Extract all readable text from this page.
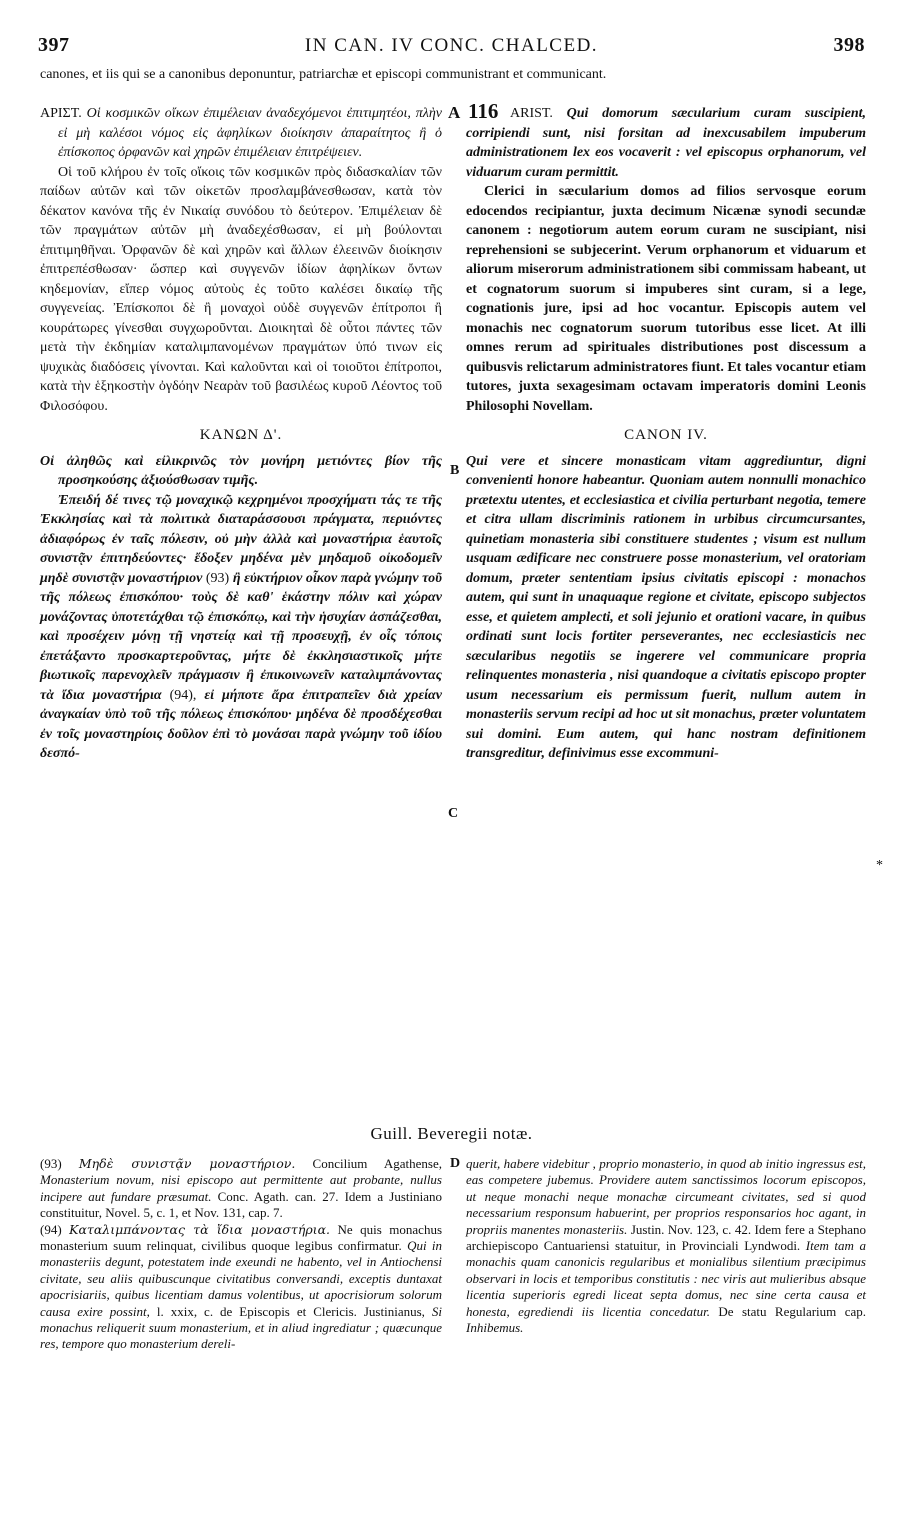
397	IN CAN. IV CONC. CHALCED.	398
canones, et iis qui se a canonibus deponuntur, patriarchæ et episcopi communistrant et communicant.
A 116
B
C
D
*

ΑΡΙΣΤ. Οἱ κοσμικῶν οἴκων ἐπιμέλειαν ἀναδεχόμενοι ἐπιτιμητέοι, πλὴν εἰ μὴ καλέσοι νόμος εἰς ἀφηλίκων διοίκησιν ἀπαραίτητος ἢ ὁ ἐπίσκοπος ὀρφανῶν καὶ χηρῶν ἐπιμέλειαν ἐπιτρέψειεν.

Οἱ τοῦ κλήρου ἐν τοῖς οἴκοις τῶν κοσμικῶν πρὸς διδασκαλίαν τῶν παίδων αὐτῶν καὶ τῶν οἰκετῶν προσλαμβάνεσθωσαν, κατὰ τὸν δέκατον κανόνα τῆς ἐν Νικαίᾳ συνόδου τὸ δεύτερον. Ἐπιμέλειαν δὲ τῶν πραγμάτων αὐτῶν μὴ ἀναδεχέσθωσαν, εἰ μὴ βούλονται ἐπιτιμηθῆναι. Ὀρφανῶν δὲ καὶ χηρῶν καὶ ἄλλων ἐλεεινῶν διοίκησιν ἐπιτρεπέσθωσαν· ὥσπερ καὶ συγγενῶν ἰδίων ἀφηλίκων ὄντων κηδεμονίαν, εἴπερ νόμος αὐτοὺς ἐς τοῦτο καλέσει δικαίῳ τῆς συγγενείας. Ἐπίσκοποι δὲ ἢ μοναχοὶ οὐδὲ συγγενῶν ἐπίτροποι ἢ κουράτωρες γίνεσθαι συγχωροῦνται. Διοικηταὶ δὲ οὗτοι πάντες τῶν μετὰ τὴν ἐκδημίαν καταλιμπανομένων πραγμάτων ὑπό τινων εἰς ψυχικὰς διαδόσεις γίνονται. Καὶ καλοῦνται καὶ οἱ τοιοῦτοι ἐπίτροποι, κατὰ τὴν ἑξηκοστὴν ὀγδόην Νεαρὰν τοῦ βασιλέως κυροῦ Λέοντος τοῦ Φιλοσόφου.

ΚΑΝΩΝ Δ'.

Οἱ ἀληθῶς καὶ εἰλικρινῶς τὸν μονήρη μετιόντες βίον τῆς προσηκούσης ἀξιούσθωσαν τιμῆς.

Ἐπειδή δέ τινες τῷ μοναχικῷ κεχρημένοι προσχήματι τάς τε τῆς Ἐκκλησίας καὶ τὰ πολιτικὰ διαταράσσουσι πράγματα, περιιόντες ἀδιαφόρως ἐν ταῖς πόλεσιν, οὐ μὴν ἀλλὰ καὶ μοναστήρια ἑαυτοῖς συνιστᾷν ἐπιτηδεύοντες· ἔδοξεν μηδένα μὲν μηδαμοῦ οἰκοδομεῖν μηδὲ συνιστᾷν μοναστήριον (93) ἢ εὐκτήριον οἶκον παρὰ γνώμην τοῦ τῆς πόλεως ἐπισκόπου· τοὺς δὲ καθ' ἑκάστην πόλιν καὶ χώραν μονάζοντας ὑποτετάχθαι τῷ ἐπισκόπῳ, καὶ τὴν ἡσυχίαν ἀσπάζεσθαι, καὶ προσέχειν μόνῃ τῇ νηστείᾳ καὶ τῇ προσευχῇ, ἐν οἷς τόποις ἐπετάξαντο προσκαρτεροῦντας, μήτε δὲ ἐκκλησιαστικοῖς μήτε βιωτικοῖς παρενοχλεῖν πράγμασιν ἢ ἐπικοινωνεῖν καταλιμπάνοντας τὰ ἴδια μοναστήρια (94), εἰ μήποτε ἄρα ἐπιτραπεῖεν διὰ χρείαν ἀναγκαίαν ὑπὸ τοῦ τῆς πόλεως ἐπισκόπου· μηδένα δὲ προσδέχεσθαι ἐν τοῖς μοναστηρίοις δοῦλον ἐπὶ τὸ μονάσαι παρὰ γνώμην τοῦ ἰδίου δεσπό-

ARIST. Qui domorum sæcularium curam suscipient, corripiendi sunt, nisi forsitan ad inexcusabilem impuberum administrationem lex eos vocaverit : vel episcopus orphanorum, vel viduarum curam permittit.

Clerici in sæcularium domos ad filios servosque eorum edocendos recipiantur, juxta decimum Nicænæ synodi secundæ canonem : negotiorum autem eorum curam ne suscipiant, nisi reprehensioni se subjecerint. Verum orphanorum et viduarum et aliorum miserorum administrationem sibi commissam habeant, ut et cognatorum suorum si impuberes sint curam, si a lege, cognationis jure, ipsi ad hoc vocantur. Episcopis autem vel monachis nec cognatorum suorum tutoribus esse licet. At illi omnes rerum ad spirituales distributiones post discessum a quibusvis relictarum administratores fiunt. Et tales vocantur etiam tutores, juxta sexagesimam octavam imperatoris domini Leonis Philosophi Novellam.

CANON IV.

Qui vere et sincere monasticam vitam aggrediuntur, digni convenienti honore habeantur. Quoniam autem nonnulli monachico prætextu utentes, et ecclesiastica et civilia perturbant negotia, temere et citra ullam discriminis rationem in urbibus circumcursantes, quinetiam monasteria sibi constituere studentes ; visum est nullum usquam ædificare nec construere posse monasterium, vel oratoriam domum, præter sententiam ipsius civitatis episcopi : monachos autem, qui sunt in unaquaque regione et civitate, episcopo subjectos esse, et quietem amplecti, et soli jejunio et orationi vacare, in quibus ordinati sunt locis fortiter perseverantes, nec ecclesiasticis nec sæcularibus negotiis se ingerere vel communicare propria relinquentes monasteria , nisi quandoque a civitatis episcopo propter usum necessarium eis permissum fuerit, nullum autem in monasteriis servum recipi ad hoc ut sit monachus, præter voluntatem sui domini. Eum autem, qui hanc nostram definitionem transgreditur, definivimus esse excommuni-

Guill. Beveregii notæ.

(93) Μηδὲ συνιστᾷν μοναστήριον. Concilium Agathense, Monasterium novum, nisi episcopo aut permittente aut probante, nullus incipere aut fundare præsumat. Conc. Agath. can. 27. Idem a Justiniano constituitur, Novel. 5, c. 1, et Nov. 131, cap. 7.

(94) Καταλιμπάνοντας τὰ ἴδια μοναστήρια. Ne quis monachus monasterium suum relinquat, civilibus quoque legibus confirmatur. Qui in monasteriis degunt, potestatem inde exeundi ne habento, vel in Antiochensi civitate, seu aliis quibuscunque civitatibus conversandi, exceptis duntaxat apocrisiariis, quibus licentiam damus volentibus, ut apocrisiorum solorum causa exire possint, l. xxix, c. de Episcopis et Clericis. Justinianus, Si monachus reliquerit suum monasterium, et in aliud ingrediatur ; quæcunque res, tempore quo monasterium dereli-

querit, habere videbitur , proprio monasterio, in quod ab initio ingressus est, eas competere jubemus. Providere autem sanctissimos locorum episcopos, ut neque monachi neque monachæ circumeant civitates, sed si quod necessarium responsum habuerint, per proprios responsarios hoc agant, in propriis manentes monasteriis. Justin. Nov. 123, c. 42. Idem fere a Stephano archiepiscopo Cantuariensi statuitur, in Provinciali Lyndwodi. Item tam a monachis quam canonicis regularibus et monialibus silentium præcipimus observari in locis et temporibus constitutis : nec viris aut mulieribus absque licentia superioris egredi liceat septa domus, nec sine certa causa et honesta, egrediendi iis licentia concedatur. De statu Regularium cap. Inhibemus.
